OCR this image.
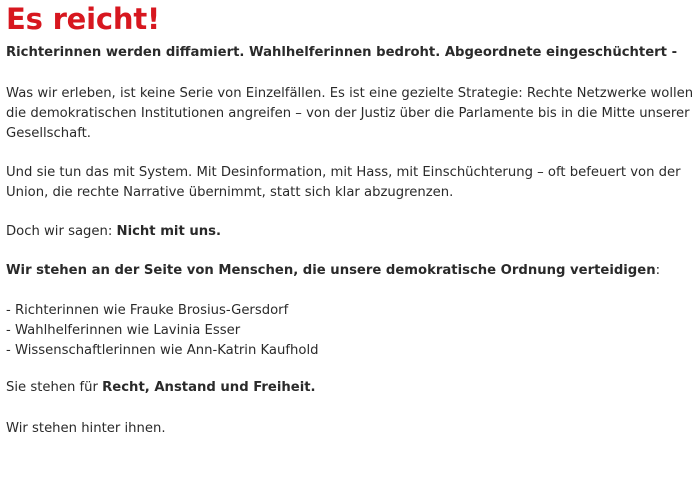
Es reicht!

Richterinnen werden diffamiert. Wahlhelferinnen bedroht. Abgeordnete eingeschüchtert -

Was wir erleben, ist keine Serie von Einzelfällen. Es ist eine gezielte Strategie: Rechte Netzwerke wollen die demokratischen Institutionen angreifen – von der Justiz über die Parlamente bis in die Mitte unserer Gesellschaft.

Und sie tun das mit System. Mit Desinformation, mit Hass, mit Einschüchterung – oft befeuert von der Union, die rechte Narrative übernimmt, statt sich klar abzugrenzen.

Doch wir sagen: Nicht mit uns.

Wir stehen an der Seite von Menschen, die unsere demokratische Ordnung verteidigen:

- Richterinnen wie Frauke Brosius-Gersdorf
- Wahlhelferinnen wie Lavinia Esser
- Wissenschaftlerinnen wie Ann-Katrin Kaufhold

Sie stehen für Recht, Anstand und Freiheit.

Wir stehen hinter ihnen.
